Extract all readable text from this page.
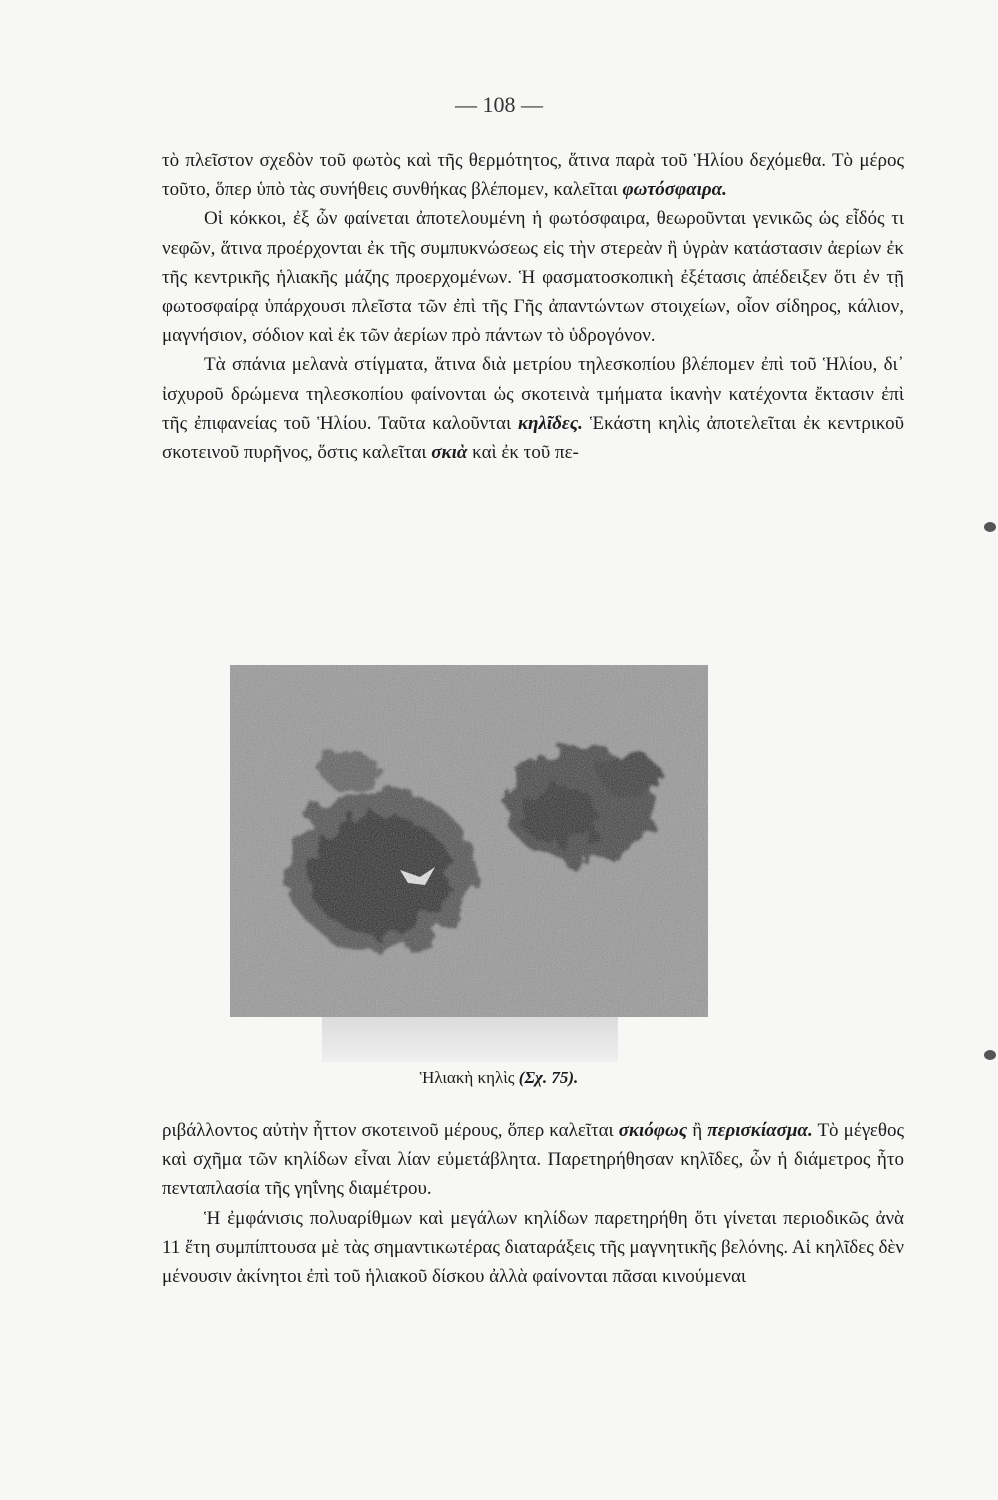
— 108 —

τὸ πλεῖστον σχεδὸν τοῦ φωτὸς καὶ τῆς θερμότητος, ἅτινα παρὰ τοῦ Ἡλίου δεχόμεθα. Τὸ μέρος τοῦτο, ὅπερ ὑπὸ τὰς συνήθεις συνθήκας βλέπομεν, καλεῖται φωτόσφαιρα.

Οἱ κόκκοι, ἐξ ὧν φαίνεται ἀποτελουμένη ἡ φωτόσφαιρα, θεωροῦνται γενικῶς ὡς εἶδός τι νεφῶν, ἅτινα προέρχονται ἐκ τῆς συμπυκνώσεως εἰς τὴν στερεὰν ἢ ὑγρὰν κατάστασιν ἀερίων ἐκ τῆς κεντρικῆς ἡλιακῆς μάζης προερχομένων. Ἡ φασματοσκοπικὴ ἐξέτασις ἀπέδειξεν ὅτι ἐν τῇ φωτοσφαίρᾳ ὑπάρχουσι πλεῖστα τῶν ἐπὶ τῆς Γῆς ἀπαντώντων στοιχείων, οἷον σίδηρος, κάλιον, μαγνήσιον, σόδιον καὶ ἐκ τῶν ἀερίων πρὸ πάντων τὸ ὑδρογόνον.

Τὰ σπάνια μελανὰ στίγματα, ἅτινα διὰ μετρίου τηλεσκοπίου βλέπομεν ἐπὶ τοῦ Ἡλίου, δι᾽ ἰσχυροῦ δρώμενα τηλεσκοπίου φαίνονται ὡς σκοτεινὰ τμήματα ἱκανὴν κατέχοντα ἔκτασιν ἐπὶ τῆς ἐπιφανείας τοῦ Ἡλίου. Ταῦτα καλοῦνται κηλῖδες. Ἑκάστη κηλὶς ἀποτελεῖται ἐκ κεντρικοῦ σκοτεινοῦ πυρῆνος, ὅστις καλεῖται σκιὰ καὶ ἐκ τοῦ πε-

Ἡλιακὴ κηλὶς (Σχ. 75).

ριβάλλοντος αὐτὴν ἧττον σκοτεινοῦ μέρους, ὅπερ καλεῖται σκιόφως ἢ περισκίασμα. Τὸ μέγεθος καὶ σχῆμα τῶν κηλίδων εἶναι λίαν εὐμετάβλητα. Παρετηρήθησαν κηλῖδες, ὧν ἡ διάμετρος ἦτο πενταπλασία τῆς γηΐνης διαμέτρου.

Ἡ ἐμφάνισις πολυαρίθμων καὶ μεγάλων κηλίδων παρετηρήθη ὅτι γίνεται περιοδικῶς ἀνὰ 11 ἔτη συμπίπτουσα μὲ τὰς σημαντικωτέρας διαταράξεις τῆς μαγνητικῆς βελόνης. Αἱ κηλῖδες δὲν μένουσιν ἀκίνητοι ἐπὶ τοῦ ἡλιακοῦ δίσκου ἀλλὰ φαίνονται πᾶσαι κινούμεναι
